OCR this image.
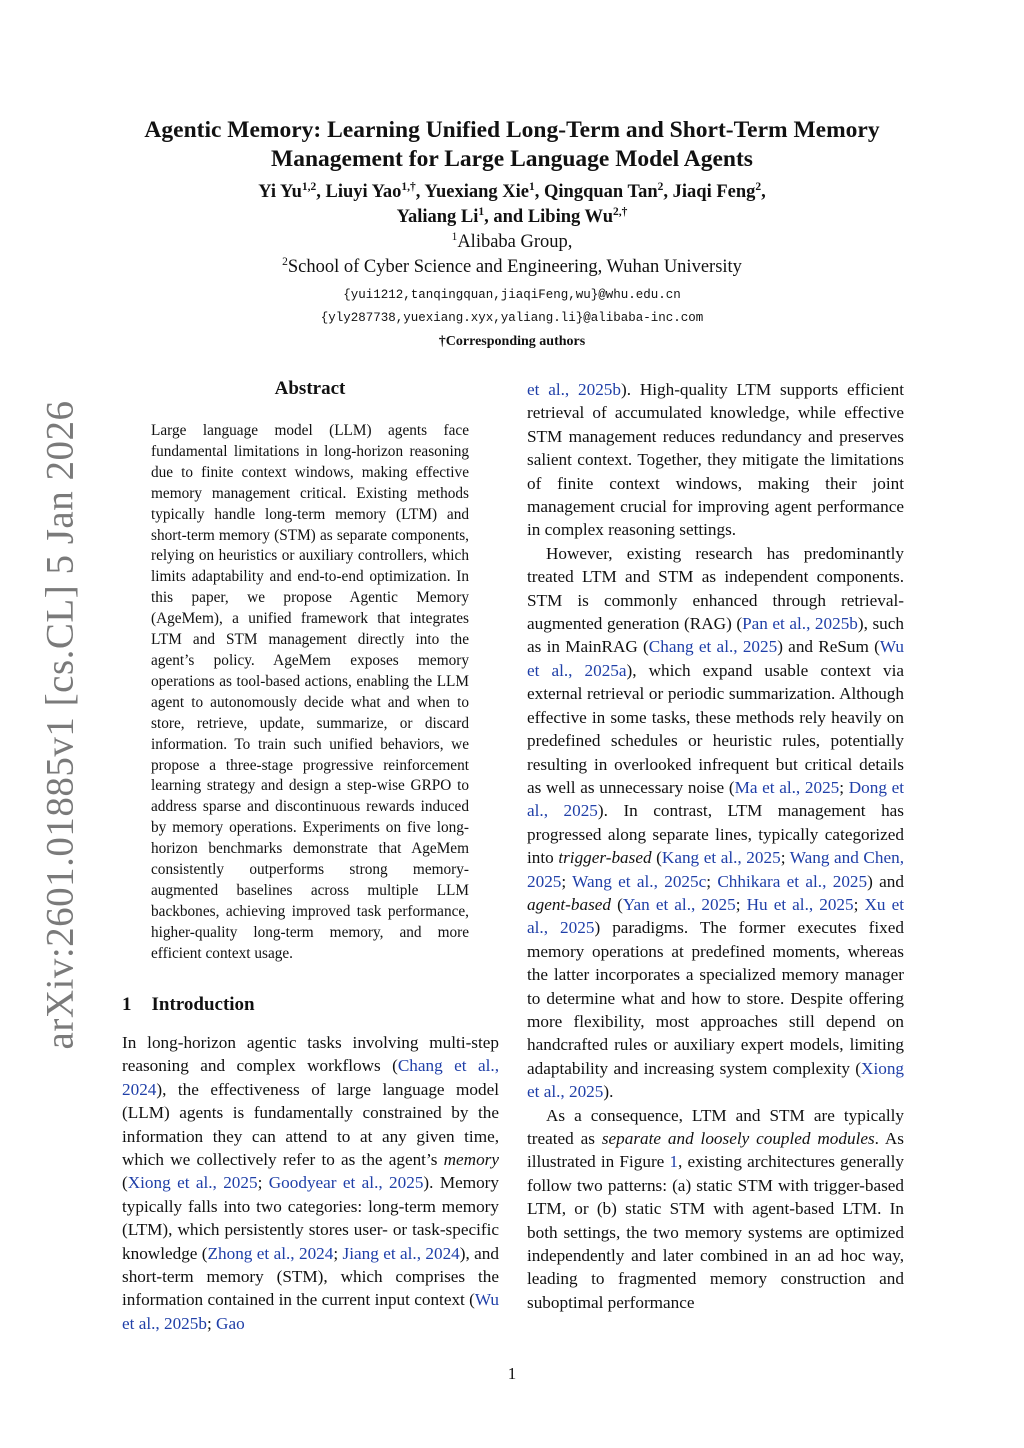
arXiv:2601.01885v1 [cs.CL] 5 Jan 2026
Agentic Memory: Learning Unified Long-Term and Short-Term Memory Management for Large Language Model Agents
Yi Yu$^{1,2}$, Liuyi Yao$^{1,\dagger}$, Yuexiang Xie$^1$, Qingquan Tan$^2$, Jiaqi Feng$^2$,
Yaliang Li$^1$, and Libing $Wu^{2,\dagger}$
$^1$Alibaba Group,
$^2$School of Cyber Science and Engineering, Wuhan University
{yui1212,tanqingquan,jiaqiFeng,wu}@whu.edu.cn
{yly287738,yuexiang.xyx,yaliang.li}@alibaba-inc.com
†Corresponding authors
Abstract
Large language model (LLM) agents face fundamental limitations in long-horizon reasoning due to finite context windows, making effective memory management critical. Existing methods typically handle long-term memory (LTM) and short-term memory (STM) as separate components, relying on heuristics or auxiliary controllers, which limits adaptability and end-to-end optimization. In this paper, we propose Agentic Memory (AgeMem), a unified framework that integrates LTM and STM management directly into the agent’s policy. AgeMem exposes memory operations as tool-based actions, enabling the LLM agent to autonomously decide what and when to store, retrieve, update, summarize, or discard information. To train such unified behaviors, we propose a three-stage progressive reinforcement learning strategy and design a step-wise GRPO to address sparse and discontinuous rewards induced by memory operations. Experiments on five long-horizon benchmarks demonstrate that AgeMem consistently outperforms strong memory-augmented baselines across multiple LLM backbones, achieving improved task performance, higher-quality long-term memory, and more efficient context usage.
1 Introduction
In long-horizon agentic tasks involving multi-step reasoning and complex workflows (Chang et al., 2024), the effectiveness of large language model (LLM) agents is fundamentally constrained by the information they can attend to at any given time, which we collectively refer to as the agent’s memory (Xiong et al., 2025; Goodyear et al., 2025). Memory typically falls into two categories: long-term memory (LTM), which persistently stores user- or task-specific knowledge (Zhong et al., 2024; Jiang et al., 2024), and short-term memory (STM), which comprises the information contained in the current input context (Wu et al., 2025b; Gao

et al., 2025b). High-quality LTM supports efficient retrieval of accumulated knowledge, while effective STM management reduces redundancy and preserves salient context. Together, they mitigate the limitations of finite context windows, making their joint management crucial for improving agent performance in complex reasoning settings.

However, existing research has predominantly treated LTM and STM as independent components. STM is commonly enhanced through retrieval-augmented generation (RAG) (Pan et al., 2025b), such as in MainRAG (Chang et al., 2025) and ReSum (Wu et al., 2025a), which expand usable context via external retrieval or periodic summarization. Although effective in some tasks, these methods rely heavily on predefined schedules or heuristic rules, potentially resulting in overlooked infrequent but critical details as well as unnecessary noise (Ma et al., 2025; Dong et al., 2025). In contrast, LTM management has progressed along separate lines, typically categorized into trigger-based (Kang et al., 2025; Wang and Chen, 2025; Wang et al., 2025c; Chhikara et al., 2025) and agent-based (Yan et al., 2025; Hu et al., 2025; Xu et al., 2025) paradigms. The former executes fixed memory operations at predefined moments, whereas the latter incorporates a specialized memory manager to determine what and how to store. Despite offering more flexibility, most approaches still depend on handcrafted rules or auxiliary expert models, limiting adaptability and increasing system complexity (Xiong et al., 2025).

As a consequence, LTM and STM are typically treated as separate and loosely coupled modules. As illustrated in Figure 1, existing architectures generally follow two patterns: (a) static STM with trigger-based LTM, or (b) static STM with agent-based LTM. In both settings, the two memory systems are optimized independently and later combined in an ad hoc way, leading to fragmented memory construction and suboptimal performance

1
